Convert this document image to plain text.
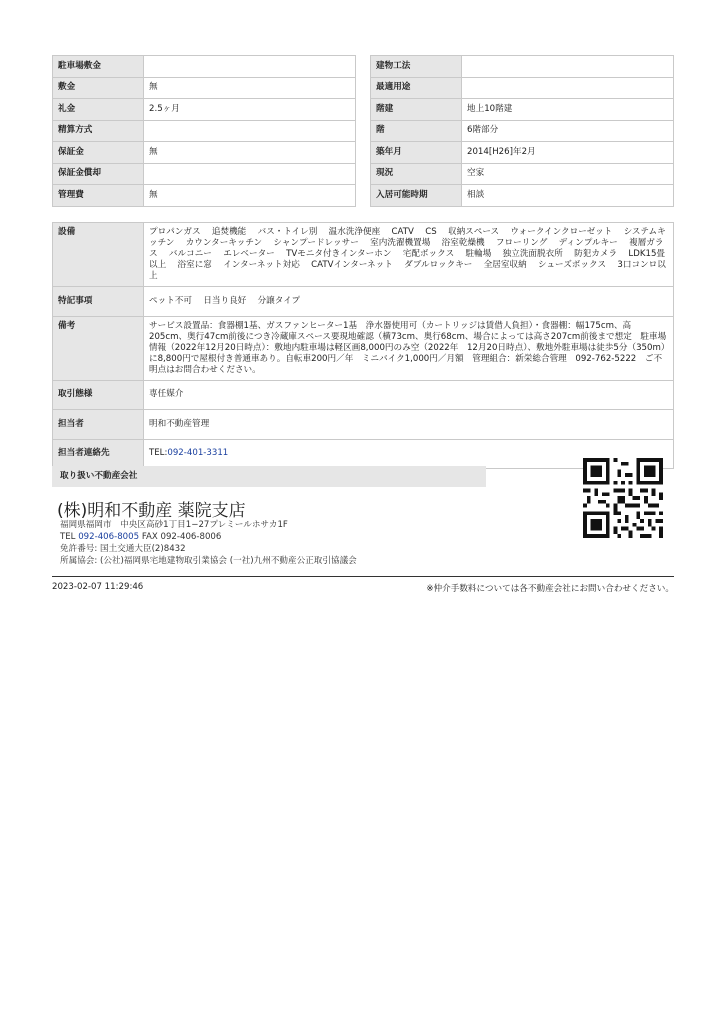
駐車場敷金	
敷金	無
礼金	2.5ヶ月
精算方式	
保証金	無
保証金償却	
管理費	無
建物工法	
最適用途	
階建	地上10階建
階	6階部分
築年月	2014[H26]年2月
現況	空家
入居可能時期	相談
設備	プロパンガス　 追焚機能　 バス・トイレ別　 温水洗浄便座　 CATV　 CS　 収納スペース　 ウォークインクローゼット　 システムキッチン　 カウンターキッチン　 シャンプードレッサー　 室内洗濯機置場　 浴室乾燥機　 フローリング　 ディンプルキー　 複層ガラス　 バルコニー　 エレベーター　 TVモニタ付きインターホン　 宅配ボックス　 駐輪場　 独立洗面脱衣所　 防犯カメラ　 LDK15畳以上　 浴室に窓　 インターネット対応　 CATVインターネット　 ダブルロックキー　 全居室収納　 シューズボックス　 3口コンロ以上
特記事項	ペット不可　 日当り良好　 分譲タイプ
備考	サービス設置品：食器棚1基、ガスファンヒーター1基　浄水器使用可（カートリッジは賃借人負担）・食器棚：幅175cm、高205cm、奥行47cm前後につき冷蔵庫スペース要現地確認（横73cm、奥行68cm、場合によっては高さ207cm前後まで想定　駐車場情報（2022年12月20日時点）：敷地内駐車場は軽区画8,000円のみ空（2022年　12月20日時点）、敷地外駐車場は徒歩5分（350m）に8,800円で屋根付き普通車あり。自転車200円／年　ミニバイク1,000円／月額　管理組合：新栄総合管理　092-762-5222　ご不明点はお問合わせください。
取引態様	専任媒介
担当者	明和不動産管理
担当者連絡先	TEL:092-401-3311
取り扱い不動産会社
(株)明和不動産 薬院支店
福岡県福岡市　中央区高砂1丁目1−27プレミールホサカ1F
TEL 092-406-8005 FAX 092-406-8006
免許番号: 国土交通大臣(2)8432
所属協会: (公社)福岡県宅地建物取引業協会 (一社)九州不動産公正取引協議会
2023-02-07 11:29:46	※仲介手数料については各不動産会社にお問い合わせください。
